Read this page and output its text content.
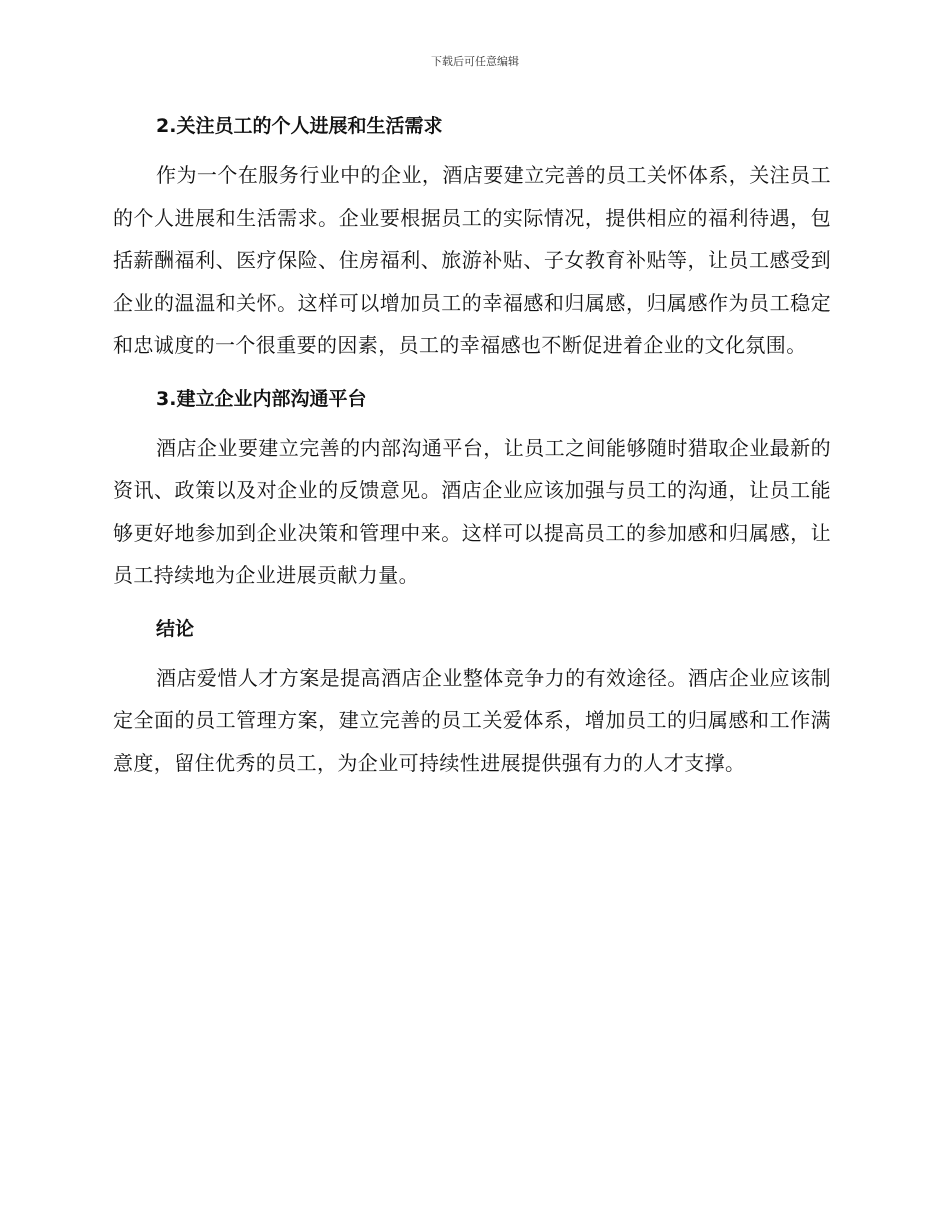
下载后可任意编辑
2.关注员工的个人进展和生活需求

作为一个在服务行业中的企业，酒店要建立完善的员工关怀体系，关注员工的个人进展和生活需求。企业要根据员工的实际情况，提供相应的福利待遇，包括薪酬福利、医疗保险、住房福利、旅游补贴、子女教育补贴等，让员工感受到企业的温温和关怀。这样可以增加员工的幸福感和归属感，归属感作为员工稳定和忠诚度的一个很重要的因素，员工的幸福感也不断促进着企业的文化氛围。

3.建立企业内部沟通平台

酒店企业要建立完善的内部沟通平台，让员工之间能够随时猎取企业最新的资讯、政策以及对企业的反馈意见。酒店企业应该加强与员工的沟通，让员工能够更好地参加到企业决策和管理中来。这样可以提高员工的参加感和归属感，让员工持续地为企业进展贡献力量。

结论

酒店爱惜人才方案是提高酒店企业整体竞争力的有效途径。酒店企业应该制定全面的员工管理方案，建立完善的员工关爱体系，增加员工的归属感和工作满意度，留住优秀的员工，为企业可持续性进展提供强有力的人才支撑。
